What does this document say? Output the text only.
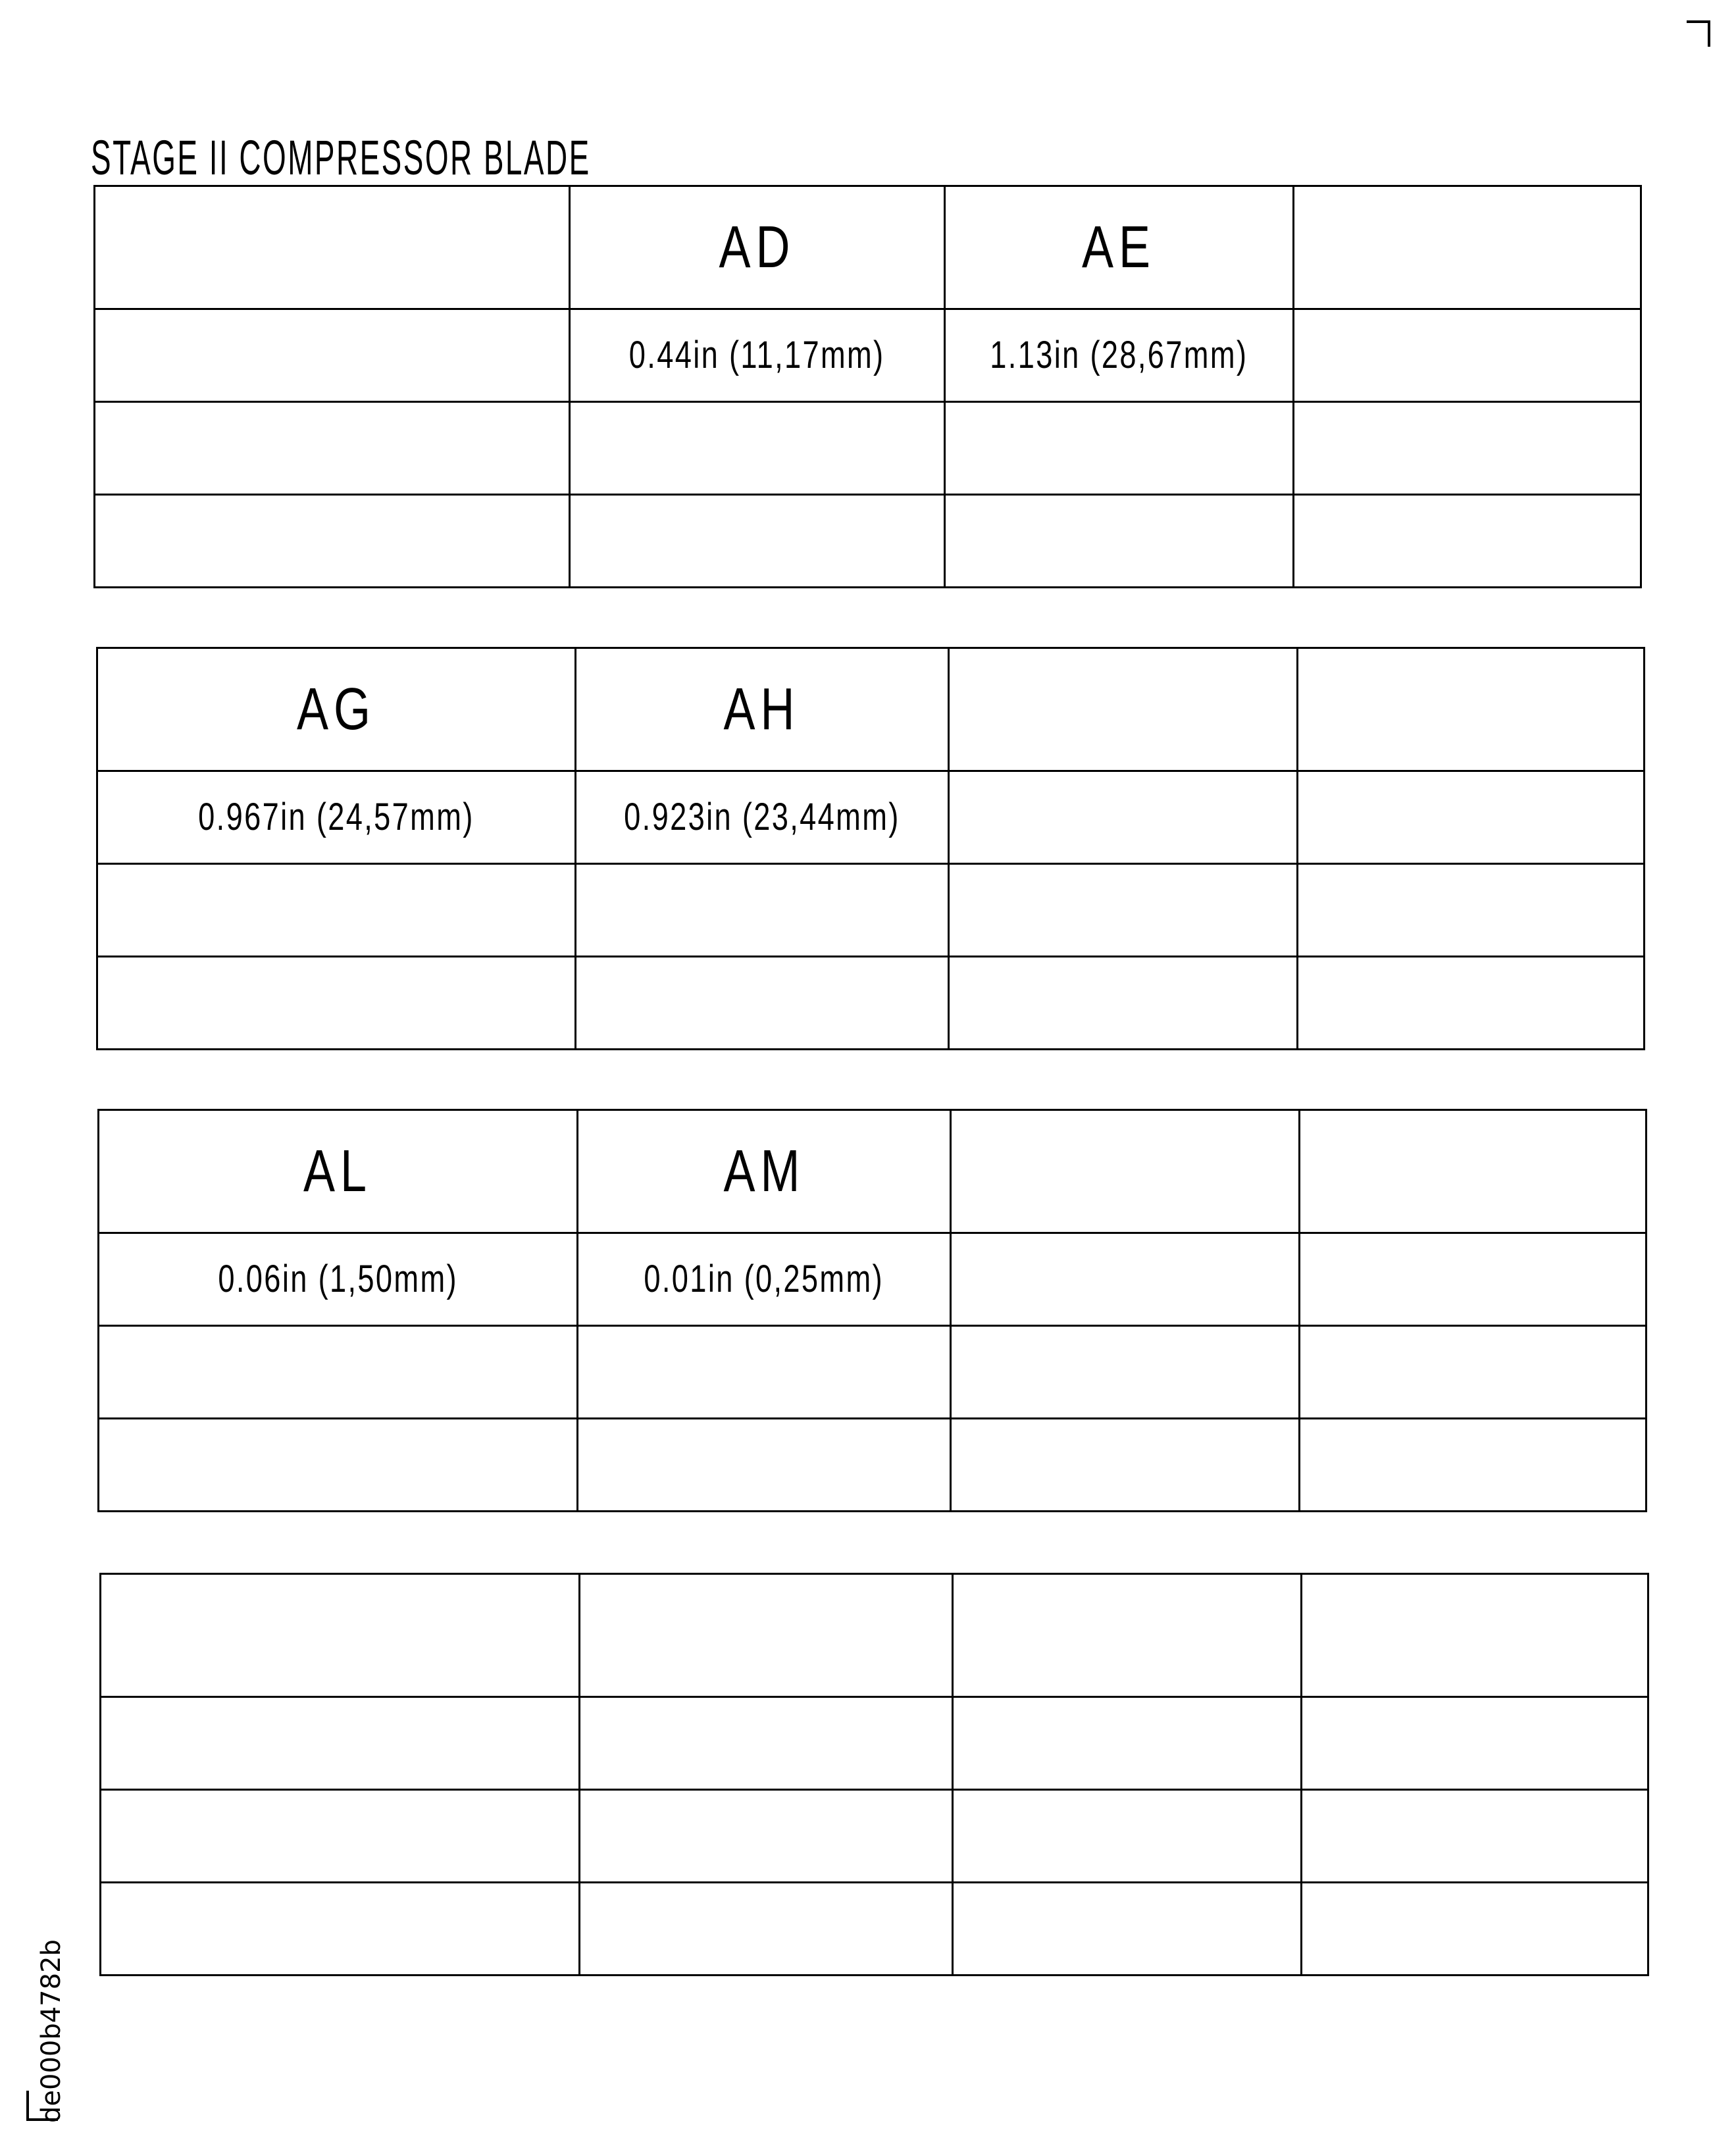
STAGE II COMPRESSOR BLADE
	AD	AE	
	0.44in (11,17mm)	1.13in (28,67mm)	

AG	AH		
0.967in (24,57mm)	0.923in (23,44mm)		

AL	AM		
0.06in (1,50mm)	0.01in (0,25mm)		

de000b4782b
